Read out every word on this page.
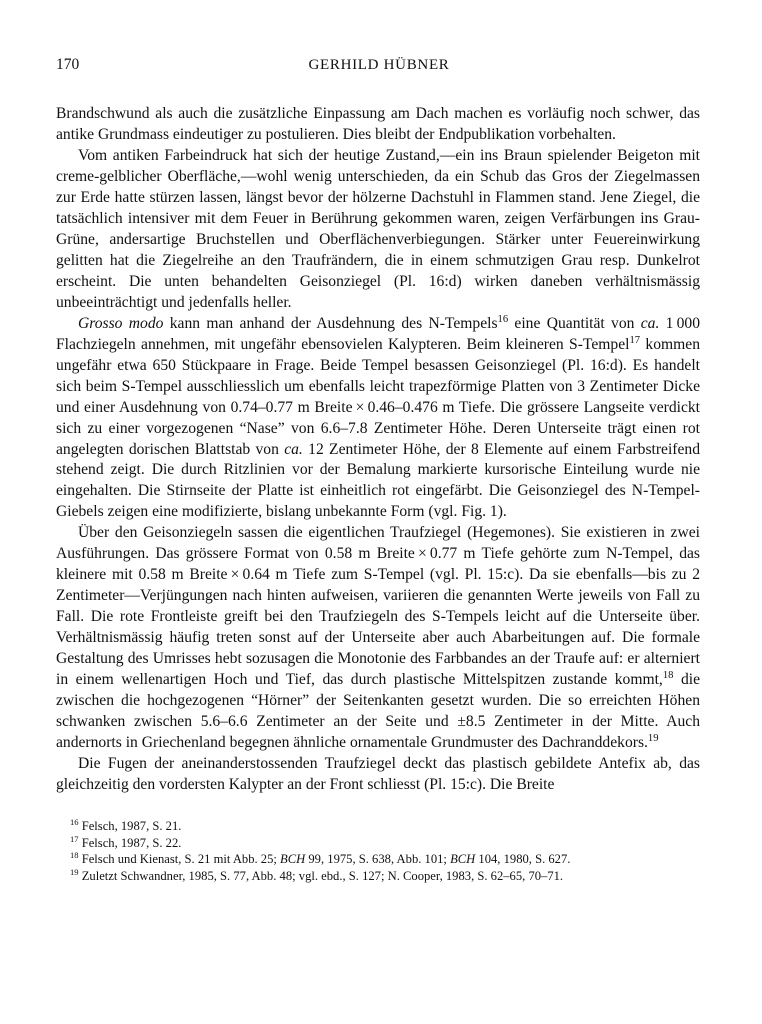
170	GERHILD HÜBNER

Brandschwund als auch die zusätzliche Einpassung am Dach machen es vorläufig noch schwer, das antike Grundmass eindeutiger zu postulieren. Dies bleibt der Endpublikation vorbehalten.

Vom antiken Farbeindruck hat sich der heutige Zustand,—ein ins Braun spielender Beigeton mit creme-gelblicher Oberfläche,—wohl wenig unterschieden, da ein Schub das Gros der Ziegelmassen zur Erde hatte stürzen lassen, längst bevor der hölzerne Dachstuhl in Flammen stand. Jene Ziegel, die tatsächlich intensiver mit dem Feuer in Berührung gekommen waren, zeigen Verfärbungen ins Grau-Grüne, andersartige Bruchstellen und Oberflächenverbiegungen. Stärker unter Feuereinwirkung gelitten hat die Ziegelreihe an den Traufrändern, die in einem schmutzigen Grau resp. Dunkelrot erscheint. Die unten behandelten Geisonziegel (Pl. 16:d) wirken daneben verhältnismässig unbeeinträchtigt und jedenfalls heller.

Grosso modo kann man anhand der Ausdehnung des N-Tempels$^{16}$ eine Quantität von ca. 1 000 Flachziegeln annehmen, mit ungefähr ebensovielen Kalypteren. Beim kleineren S-Tempel$^{17}$ kommen ungefähr etwa 650 Stückpaare in Frage. Beide Tempel besassen Geisonziegel (Pl. 16:d). Es handelt sich beim S-Tempel ausschliesslich um ebenfalls leicht trapezförmige Platten von 3 Zentimeter Dicke und einer Ausdehnung von 0.74–0.77 m Breite × 0.46–0.476 m Tiefe. Die grössere Langseite verdickt sich zu einer vorgezogenen “Nase” von 6.6–7.8 Zentimeter Höhe. Deren Unterseite trägt einen rot angelegten dorischen Blattstab von ca. 12 Zentimeter Höhe, der 8 Elemente auf einem Farbstreifend stehend zeigt. Die durch Ritzlinien vor der Bemalung markierte kursorische Einteilung wurde nie eingehalten. Die Stirnseite der Platte ist einheitlich rot eingefärbt. Die Geisonziegel des N-Tempel-Giebels zeigen eine modifizierte, bislang unbekannte Form (vgl. Fig. 1).

Über den Geisonziegeln sassen die eigentlichen Traufziegel (Hegemones). Sie existieren in zwei Ausführungen. Das grössere Format von 0.58 m Breite × 0.77 m Tiefe gehörte zum N-Tempel, das kleinere mit 0.58 m Breite × 0.64 m Tiefe zum S-Tempel (vgl. Pl. 15:c). Da sie ebenfalls—bis zu 2 Zentimeter—Verjüngungen nach hinten aufweisen, variieren die genannten Werte jeweils von Fall zu Fall. Die rote Frontleiste greift bei den Traufziegeln des S-Tempels leicht auf die Unterseite über. Verhältnismässig häufig treten sonst auf der Unterseite aber auch Abarbeitungen auf. Die formale Gestaltung des Umrisses hebt sozusagen die Monotonie des Farbbandes an der Traufe auf: er alterniert in einem wellenartigen Hoch und Tief, das durch plastische Mittelspitzen zustande kommt,$^{18}$ die zwischen die hochgezogenen “Hörner” der Seitenkanten gesetzt wurden. Die so erreichten Höhen schwanken zwischen 5.6–6.6 Zentimeter an der Seite und ±8.5 Zentimeter in der Mitte. Auch andernorts in Griechenland begegnen ähnliche ornamentale Grundmuster des Dachranddekors.$^{19}$

Die Fugen der aneinanderstossenden Traufziegel deckt das plastisch gebildete Antefix ab, das gleichzeitig den vordersten Kalypter an der Front schliesst (Pl. 15:c). Die Breite

$^{16}$ Felsch, 1987, S. 21.

$^{17}$ Felsch, 1987, S. 22.

$^{18}$ Felsch und Kienast, S. 21 mit Abb. 25; BCH 99, 1975, S. 638, Abb. 101; BCH 104, 1980, S. 627.

$^{19}$ Zuletzt Schwandner, 1985, S. 77, Abb. 48; vgl. ebd., S. 127; N. Cooper, 1983, S. 62–65, 70–71.
